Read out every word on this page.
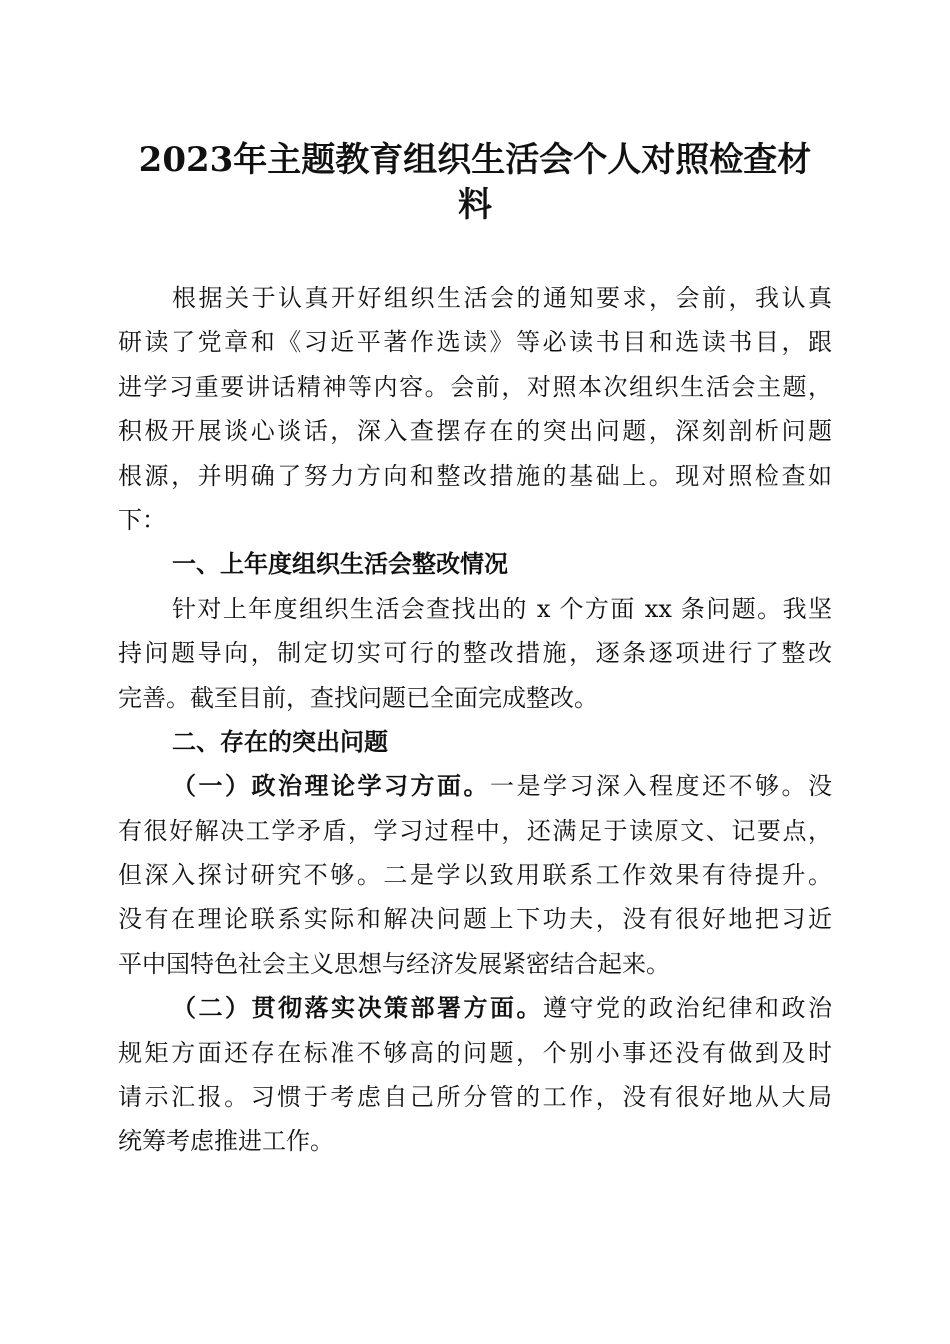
2023年主题教育组织生活会个人对照检查材
料
根据关于认真开好组织生活会的通知要求，会前，我认真
研读了党章和《习近平著作选读》等必读书目和选读书目，跟
进学习重要讲话精神等内容。会前，对照本次组织生活会主题，
积极开展谈心谈话，深入查摆存在的突出问题，深刻剖析问题
根源，并明确了努力方向和整改措施的基础上。现对照检查如
下：
一、上年度组织生活会整改情况
针对上年度组织生活会查找出的 x 个方面 xx 条问题。我坚
持问题导向，制定切实可行的整改措施，逐条逐项进行了整改
完善。截至目前，查找问题已全面完成整改。
二、存在的突出问题
（一）政治理论学习方面。一是学习深入程度还不够。没
有很好解决工学矛盾，学习过程中，还满足于读原文、记要点，
但深入探讨研究不够。二是学以致用联系工作效果有待提升。
没有在理论联系实际和解决问题上下功夫，没有很好地把习近
平中国特色社会主义思想与经济发展紧密结合起来。
（二）贯彻落实决策部署方面。遵守党的政治纪律和政治
规矩方面还存在标准不够高的问题，个别小事还没有做到及时
请示汇报。习惯于考虑自己所分管的工作，没有很好地从大局
统筹考虑推进工作。
